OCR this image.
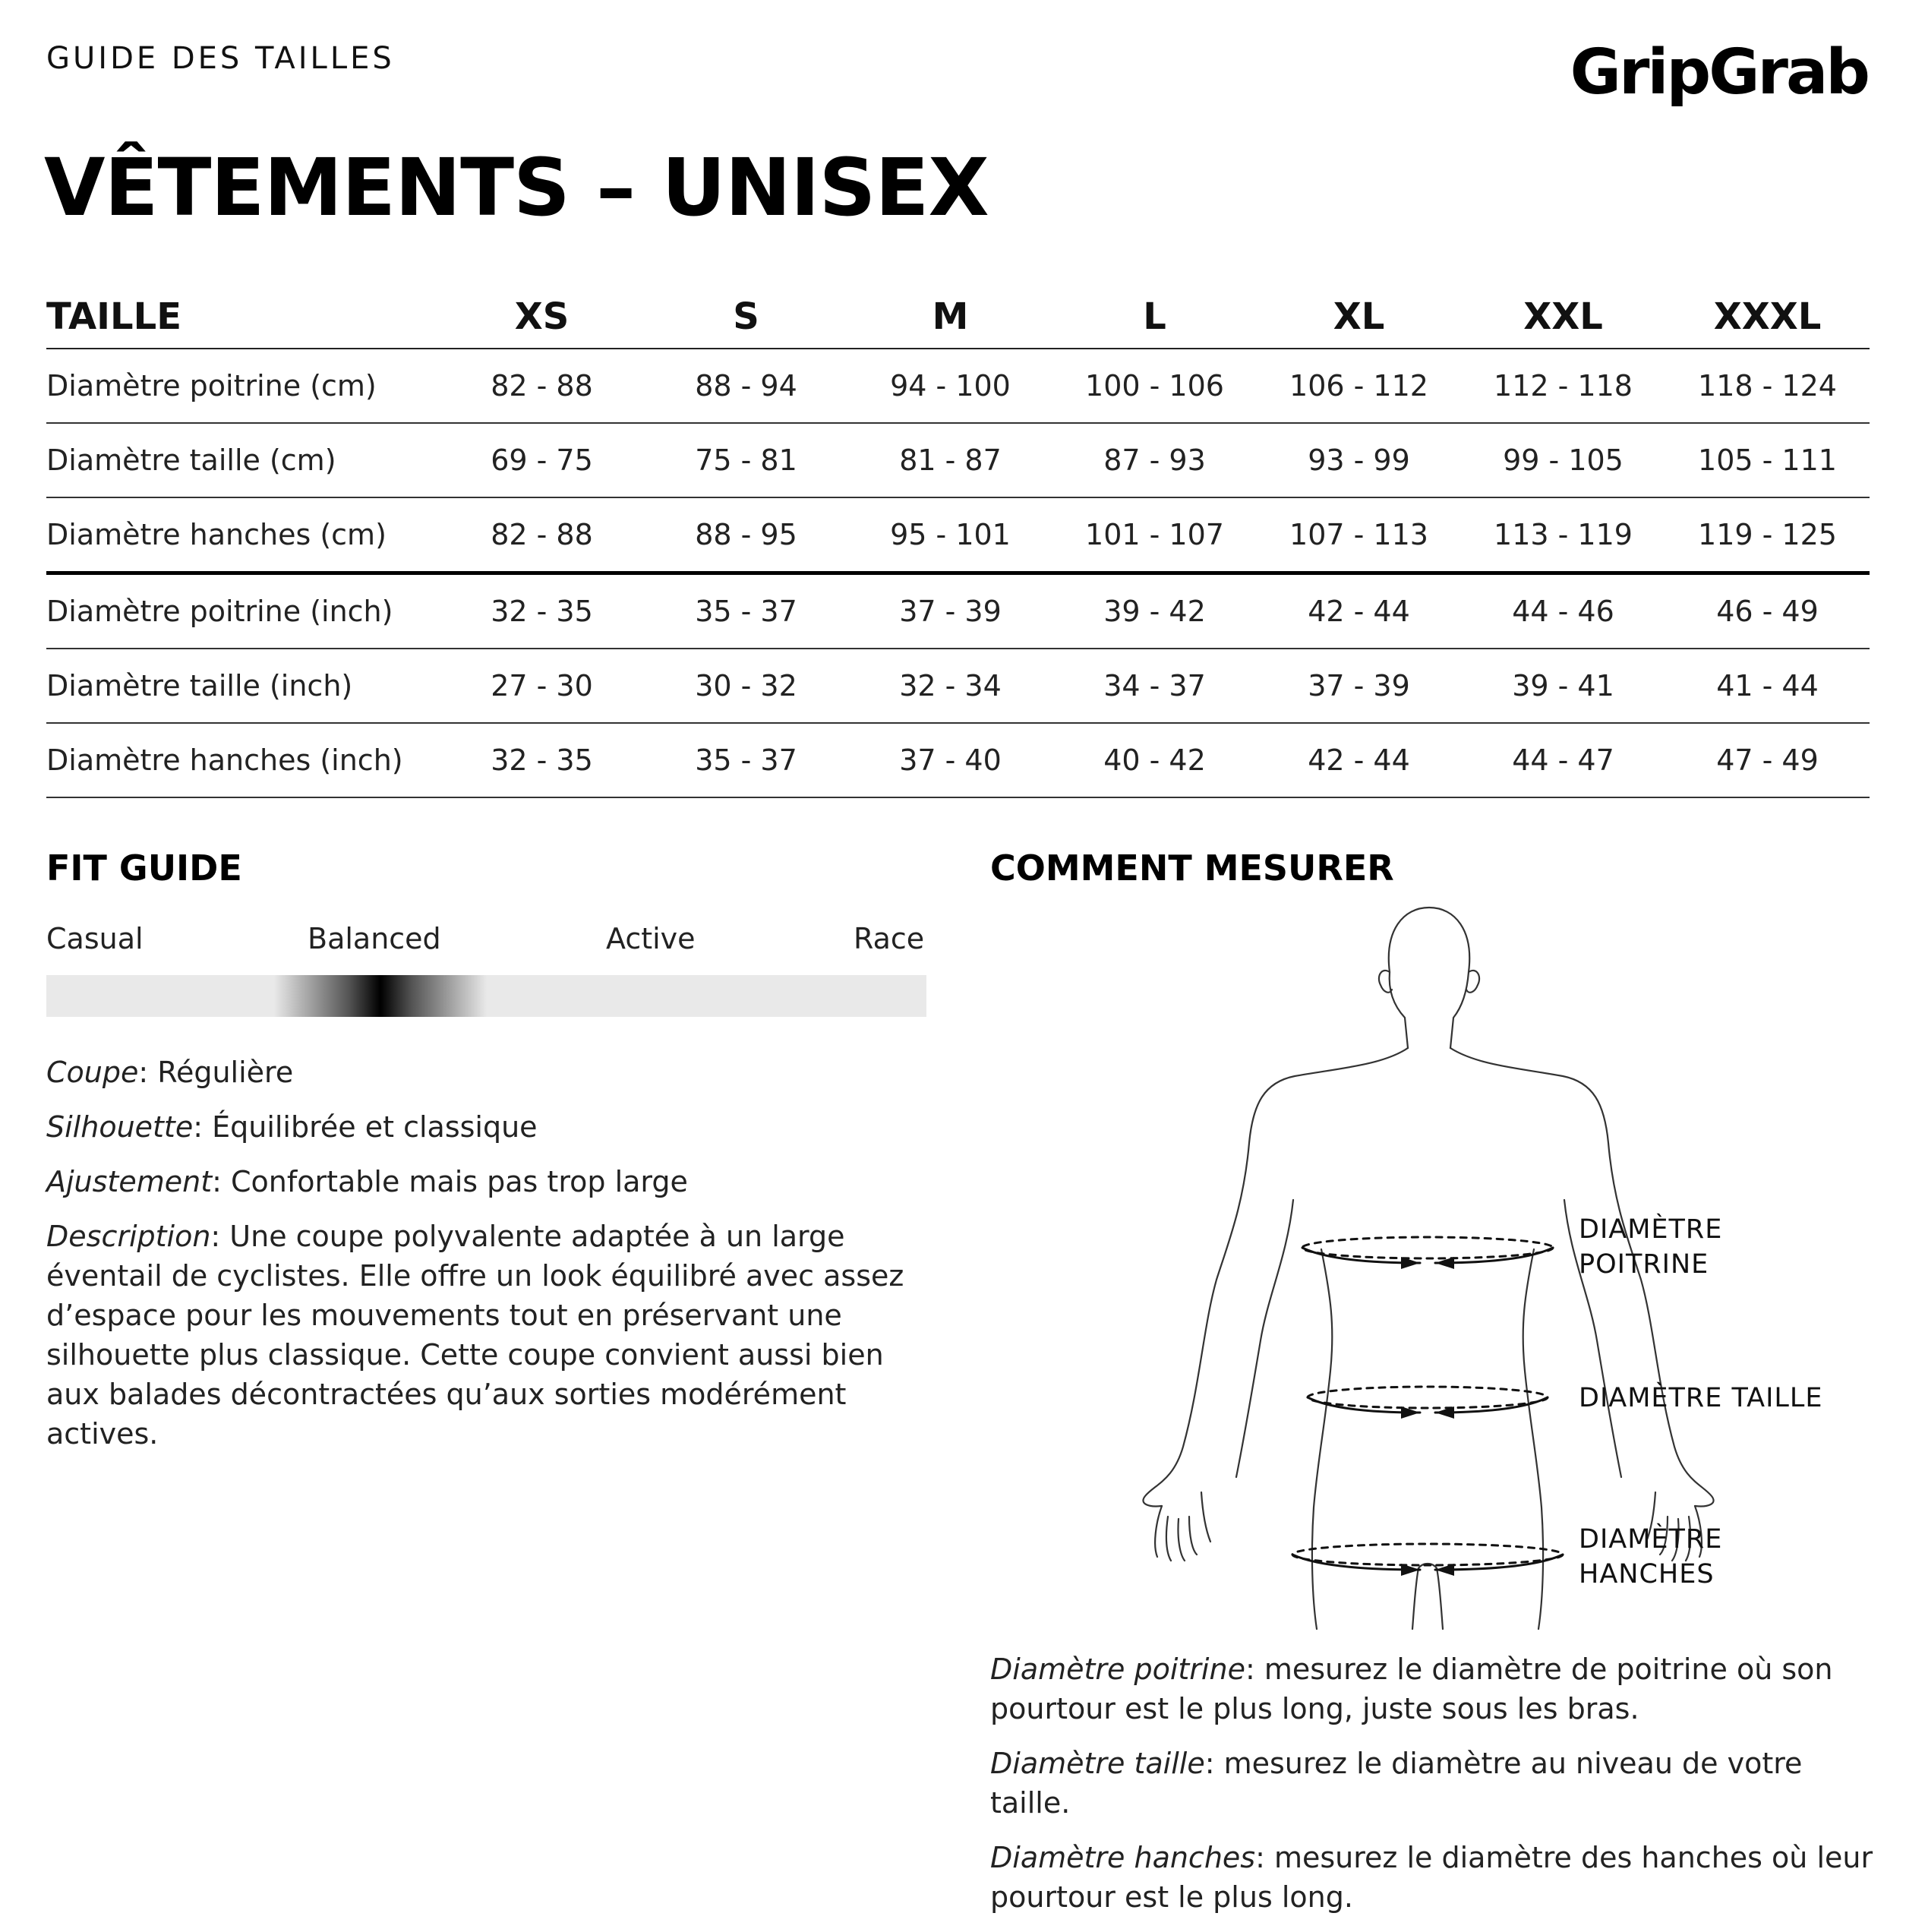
GUIDE DES TAILLES	GripGrab
VÊTEMENTS – UNISEX
TAILLE	XS	S	M	L	XL	XXL	XXXL
Diamètre poitrine (cm)	82 - 88	88 - 94	94 - 100	100 - 106	106 - 112	112 - 118	118 - 124
Diamètre taille (cm)	69 - 75	75 - 81	81 - 87	87 - 93	93 - 99	99 - 105	105 - 111
Diamètre hanches (cm)	82 - 88	88 - 95	95 - 101	101 - 107	107 - 113	113 - 119	119 - 125
Diamètre poitrine (inch)	32 - 35	35 - 37	37 - 39	39 - 42	42 - 44	44 - 46	46 - 49
Diamètre taille (inch)	27 - 30	30 - 32	32 - 34	34 - 37	37 - 39	39 - 41	41 - 44
Diamètre hanches (inch)	32 - 35	35 - 37	37 - 40	40 - 42	42 - 44	44 - 47	47 - 49
FIT GUIDE
Casual	Balanced	Active	Race

Coupe: Régulière

Silhouette: Équilibrée et classique

Ajustement: Confortable mais pas trop large

Description: Une coupe polyvalente adaptée à un large éventail de cyclistes. Elle offre un look équilibré avec assez d’espace pour les mouvements tout en préservant une silhouette plus classique. Cette coupe convient aussi bien aux balades décontractées qu’aux sorties modérément actives.

COMMENT MESURER
DIAMÈTRE
POITRINE
DIAMÈTRE TAILLE
DIAMÈTRE
HANCHES

Diamètre poitrine: mesurez le diamètre de poitrine où son pourtour est le plus long, juste sous les bras.

Diamètre taille: mesurez le diamètre au niveau de votre taille.

Diamètre hanches: mesurez le diamètre des hanches où leur pourtour est le plus long.
